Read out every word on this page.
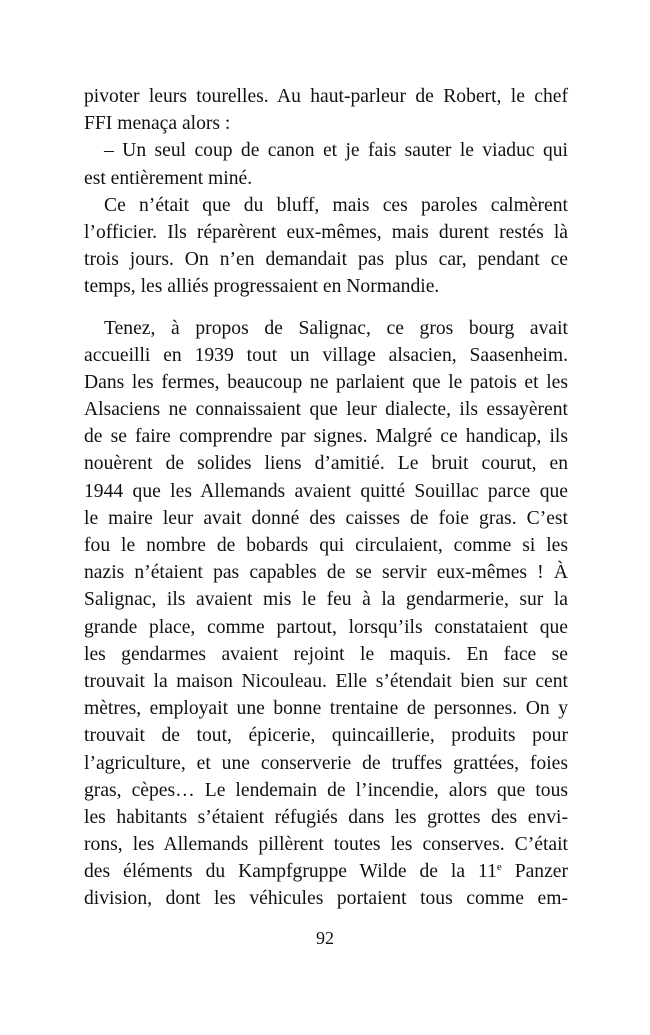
pivoter leurs tourelles. Au haut-parleur de Robert, le chef
FFI menaça alors :

– Un seul coup de canon et je fais sauter le viaduc qui
est entièrement miné.

Ce n’était que du bluff, mais ces paroles calmèrent
l’officier. Ils réparèrent eux-mêmes, mais durent restés là
trois jours. On n’en demandait pas plus car, pendant ce
temps, les alliés progressaient en Normandie.

Tenez, à propos de Salignac, ce gros bourg avait
accueilli en 1939 tout un village alsacien, Saasenheim.
Dans les fermes, beaucoup ne parlaient que le patois et les
Alsaciens ne connaissaient que leur dialecte, ils essayèrent
de se faire comprendre par signes. Malgré ce handicap, ils
nouèrent de solides liens d’amitié. Le bruit courut, en
1944 que les Allemands avaient quitté Souillac parce que
le maire leur avait donné des caisses de foie gras. C’est
fou le nombre de bobards qui circulaient, comme si les
nazis n’étaient pas capables de se servir eux-mêmes ! À
Salignac, ils avaient mis le feu à la gendarmerie, sur la
grande place, comme partout, lorsqu’ils constataient que
les gendarmes avaient rejoint le maquis. En face se
trouvait la maison Nicouleau. Elle s’étendait bien sur cent
mètres, employait une bonne trentaine de personnes. On y
trouvait de tout, épicerie, quincaillerie, produits pour
l’agriculture, et une conserverie de truffes grattées, foies
gras, cèpes… Le lendemain de l’incendie, alors que tous
les habitants s’étaient réfugiés dans les grottes des envi-
rons, les Allemands pillèrent toutes les conserves. C’était
des éléments du Kampfgruppe Wilde de la 11e Panzer
division, dont les véhicules portaient tous comme em-

92
